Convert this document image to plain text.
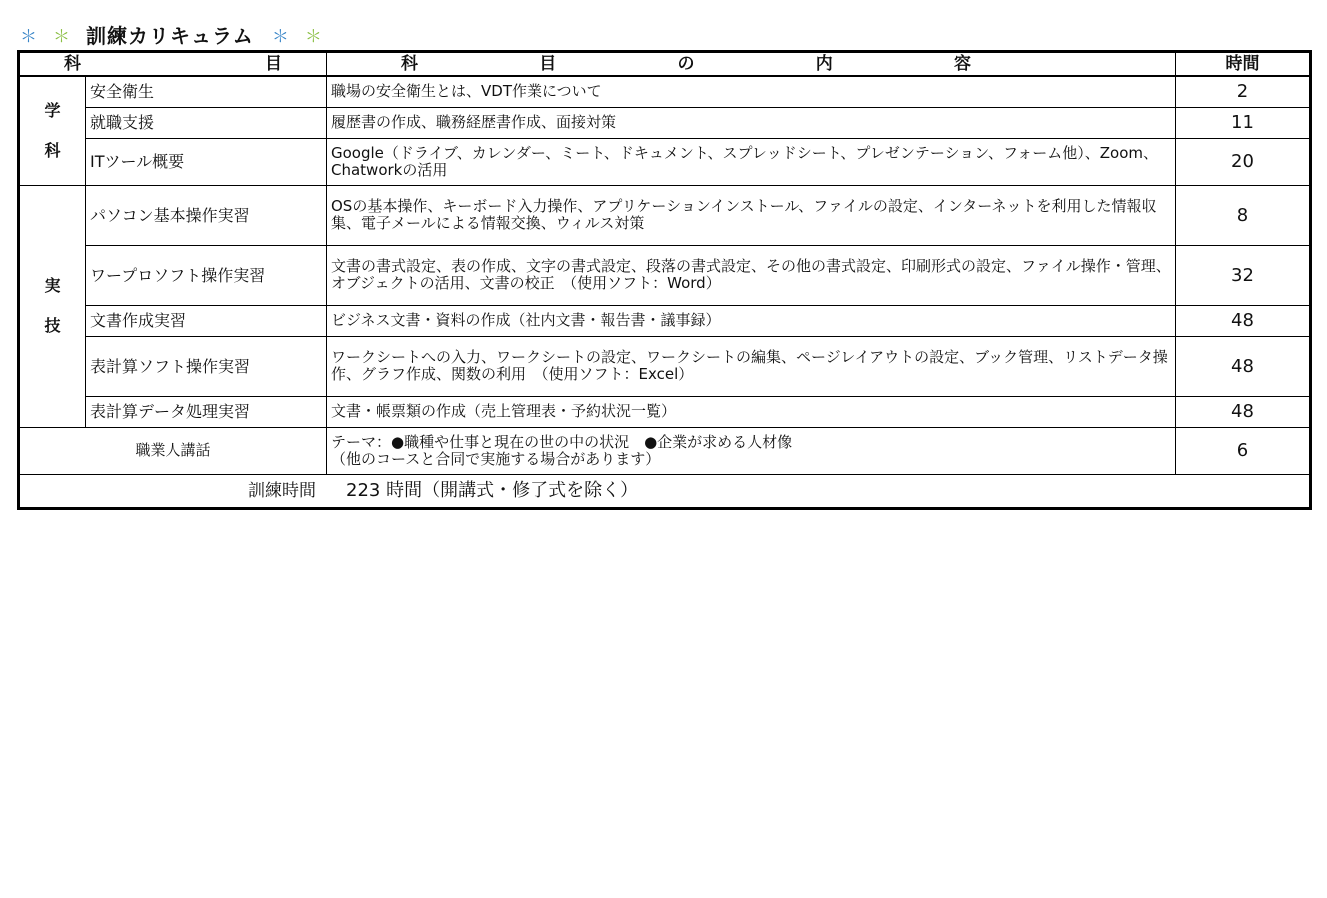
＊ ＊ 訓練カリキュラム ＊ ＊
科 目		科 目 の 内 容	時間

学
科	安全衛生	職場の安全衛生とは、VDT作業について	2
	就職支援	履歴書の作成、職務経歴書作成、面接対策	11
	ITツール概要	Google（ドライブ、カレンダー、ミート、ドキュメント、スプレッドシート、プレゼンテーション、フォーム他）、Zoom、Chatworkの活用	20

実
技	パソコン基本操作実習	OSの基本操作、キーボード入力操作、アプリケーションインストール、ファイルの設定、インターネットを利用した情報収集、電子メールによる情報交換、ウィルス対策	8
	ワープロソフト操作実習	文書の書式設定、表の作成、文字の書式設定、段落の書式設定、その他の書式設定、印刷形式の設定、ファイル操作・管理、オブジェクトの活用、文書の校正　（使用ソフト：Word）	32
	文書作成実習	ビジネス文書・資料の作成（社内文書・報告書・議事録）	48
	表計算ソフト操作実習	ワークシートへの入力、ワークシートの設定、ワークシートの編集、ページレイアウトの設定、ブック管理、リストデータ操作、グラフ作成、関数の利用　（使用ソフト：Excel）	48
	表計算データ処理実習	文書・帳票類の作成（売上管理表・予約状況一覧）	48
職業人講話		テーマ：●職種や仕事と現在の世の中の状況　●企業が求める人材像
（他のコースと合同で実施する場合があります）	6
訓練時間 223 時間（開講式・修了式を除く）			
